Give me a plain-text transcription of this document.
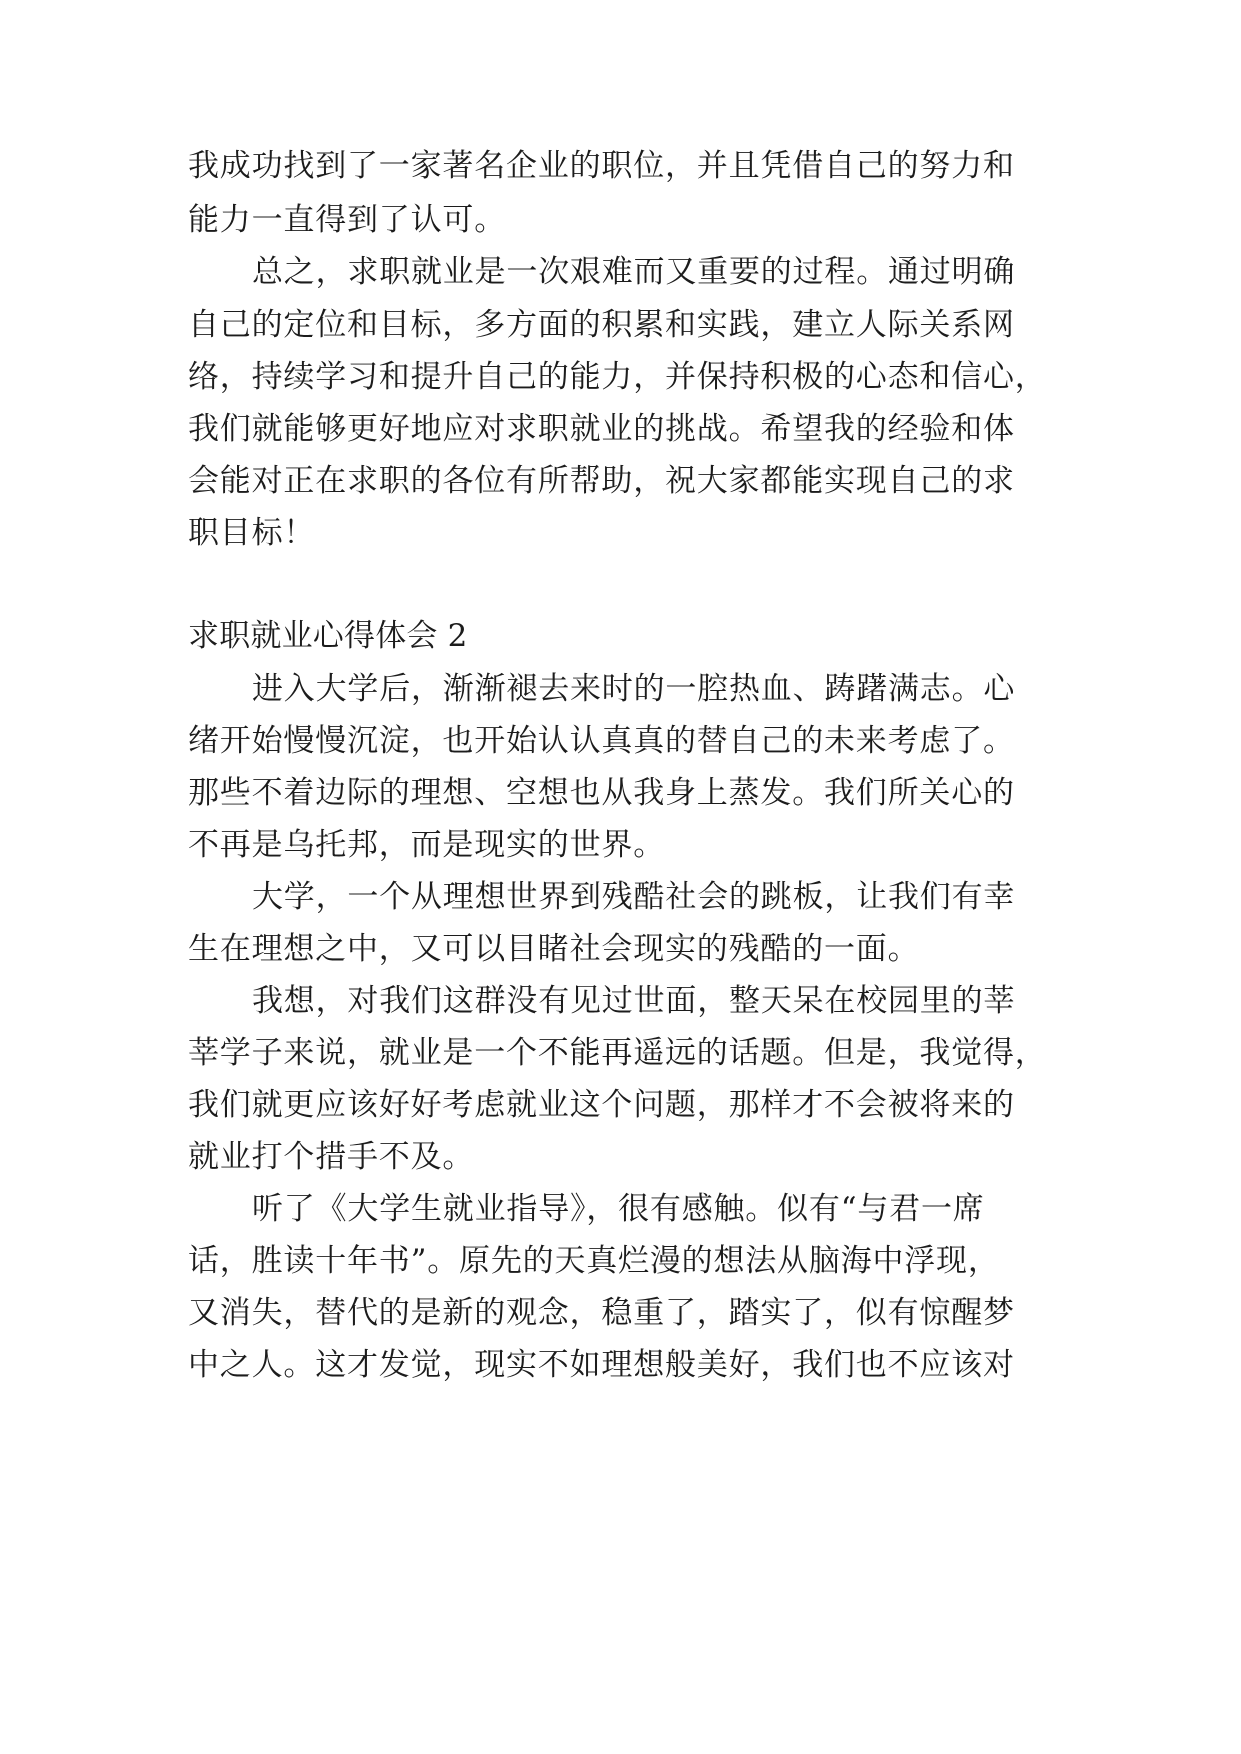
我成功找到了一家著名企业的职位，并且凭借自己的努力和
能力一直得到了认可。
总之，求职就业是一次艰难而又重要的过程。通过明确
自己的定位和目标，多方面的积累和实践，建立人际关系网
络，持续学习和提升自己的能力，并保持积极的心态和信心，
我们就能够更好地应对求职就业的挑战。希望我的经验和体
会能对正在求职的各位有所帮助，祝大家都能实现自己的求
职目标！
求职就业心得体会 2
进入大学后，渐渐褪去来时的一腔热血、踌躇满志。心
绪开始慢慢沉淀，也开始认认真真的替自己的未来考虑了。
那些不着边际的理想、空想也从我身上蒸发。我们所关心的
不再是乌托邦，而是现实的世界。
大学，一个从理想世界到残酷社会的跳板，让我们有幸
生在理想之中，又可以目睹社会现实的残酷的一面。
我想，对我们这群没有见过世面，整天呆在校园里的莘
莘学子来说，就业是一个不能再遥远的话题。但是，我觉得，
我们就更应该好好考虑就业这个问题，那样才不会被将来的
就业打个措手不及。
听了《大学生就业指导》，很有感触。似有“与君一席
话，胜读十年书”。原先的天真烂漫的想法从脑海中浮现，
又消失，替代的是新的观念，稳重了，踏实了，似有惊醒梦
中之人。这才发觉，现实不如理想般美好，我们也不应该对
